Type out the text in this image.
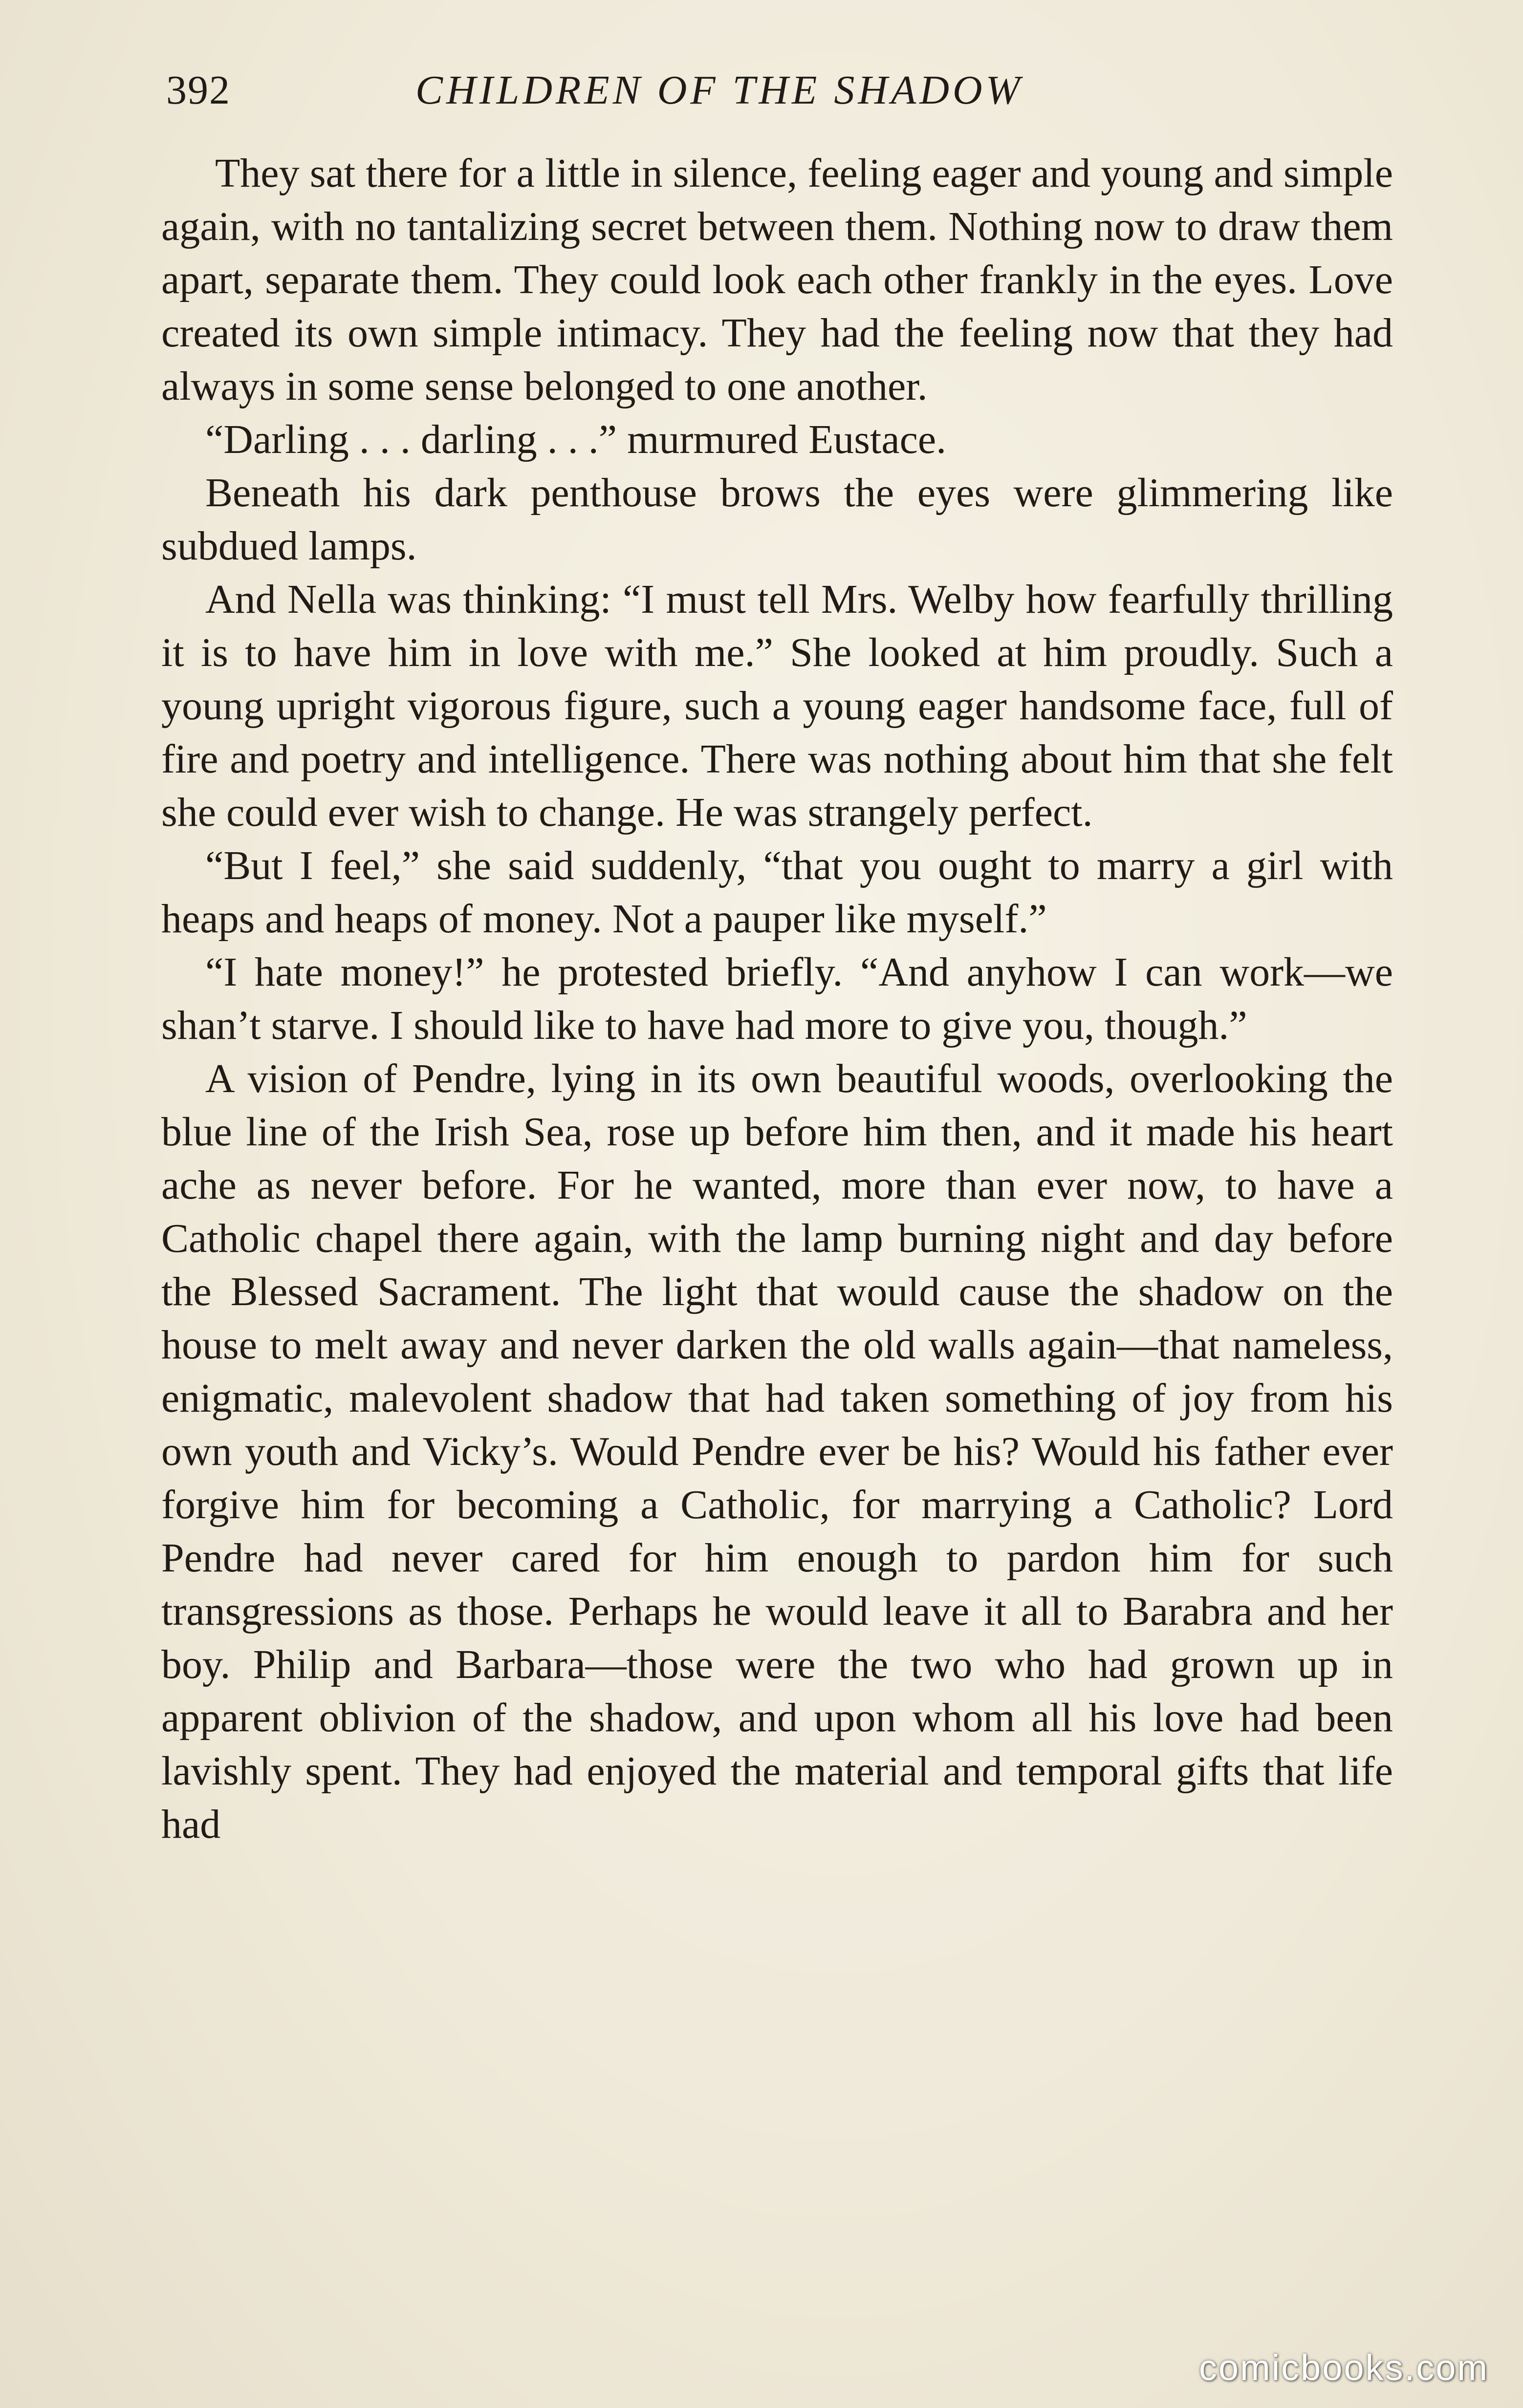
392	CHILDREN OF THE SHADOW

They sat there for a little in silence, feeling eager and young and simple again, with no tantalizing secret between them. Nothing now to draw them apart, separate them. They could look each other frankly in the eyes. Love created its own simple intimacy. They had the feeling now that they had always in some sense belonged to one another.

“Darling . . . darling . . .” murmured Eustace.

Beneath his dark penthouse brows the eyes were glimmering like subdued lamps.

And Nella was thinking: “I must tell Mrs. Welby how fearfully thrilling it is to have him in love with me.” She looked at him proudly. Such a young upright vigorous figure, such a young eager handsome face, full of fire and poetry and intelligence. There was nothing about him that she felt she could ever wish to change. He was strangely perfect.

“But I feel,” she said suddenly, “that you ought to marry a girl with heaps and heaps of money. Not a pauper like myself.”

“I hate money!” he protested briefly. “And anyhow I can work—we shan’t starve. I should like to have had more to give you, though.”

A vision of Pendre, lying in its own beautiful woods, overlooking the blue line of the Irish Sea, rose up before him then, and it made his heart ache as never before. For he wanted, more than ever now, to have a Catholic chapel there again, with the lamp burning night and day before the Blessed Sacrament. The light that would cause the shadow on the house to melt away and never darken the old walls again—that nameless, enigmatic, malevolent shadow that had taken something of joy from his own youth and Vicky’s. Would Pendre ever be his? Would his father ever forgive him for becoming a Catholic, for marrying a Catholic? Lord Pendre had never cared for him enough to pardon him for such transgressions as those. Perhaps he would leave it all to Barabra and her boy. Philip and Barbara—those were the two who had grown up in apparent oblivion of the shadow, and upon whom all his love had been lavishly spent. They had enjoyed the material and temporal gifts that life had

comicbooks.com
